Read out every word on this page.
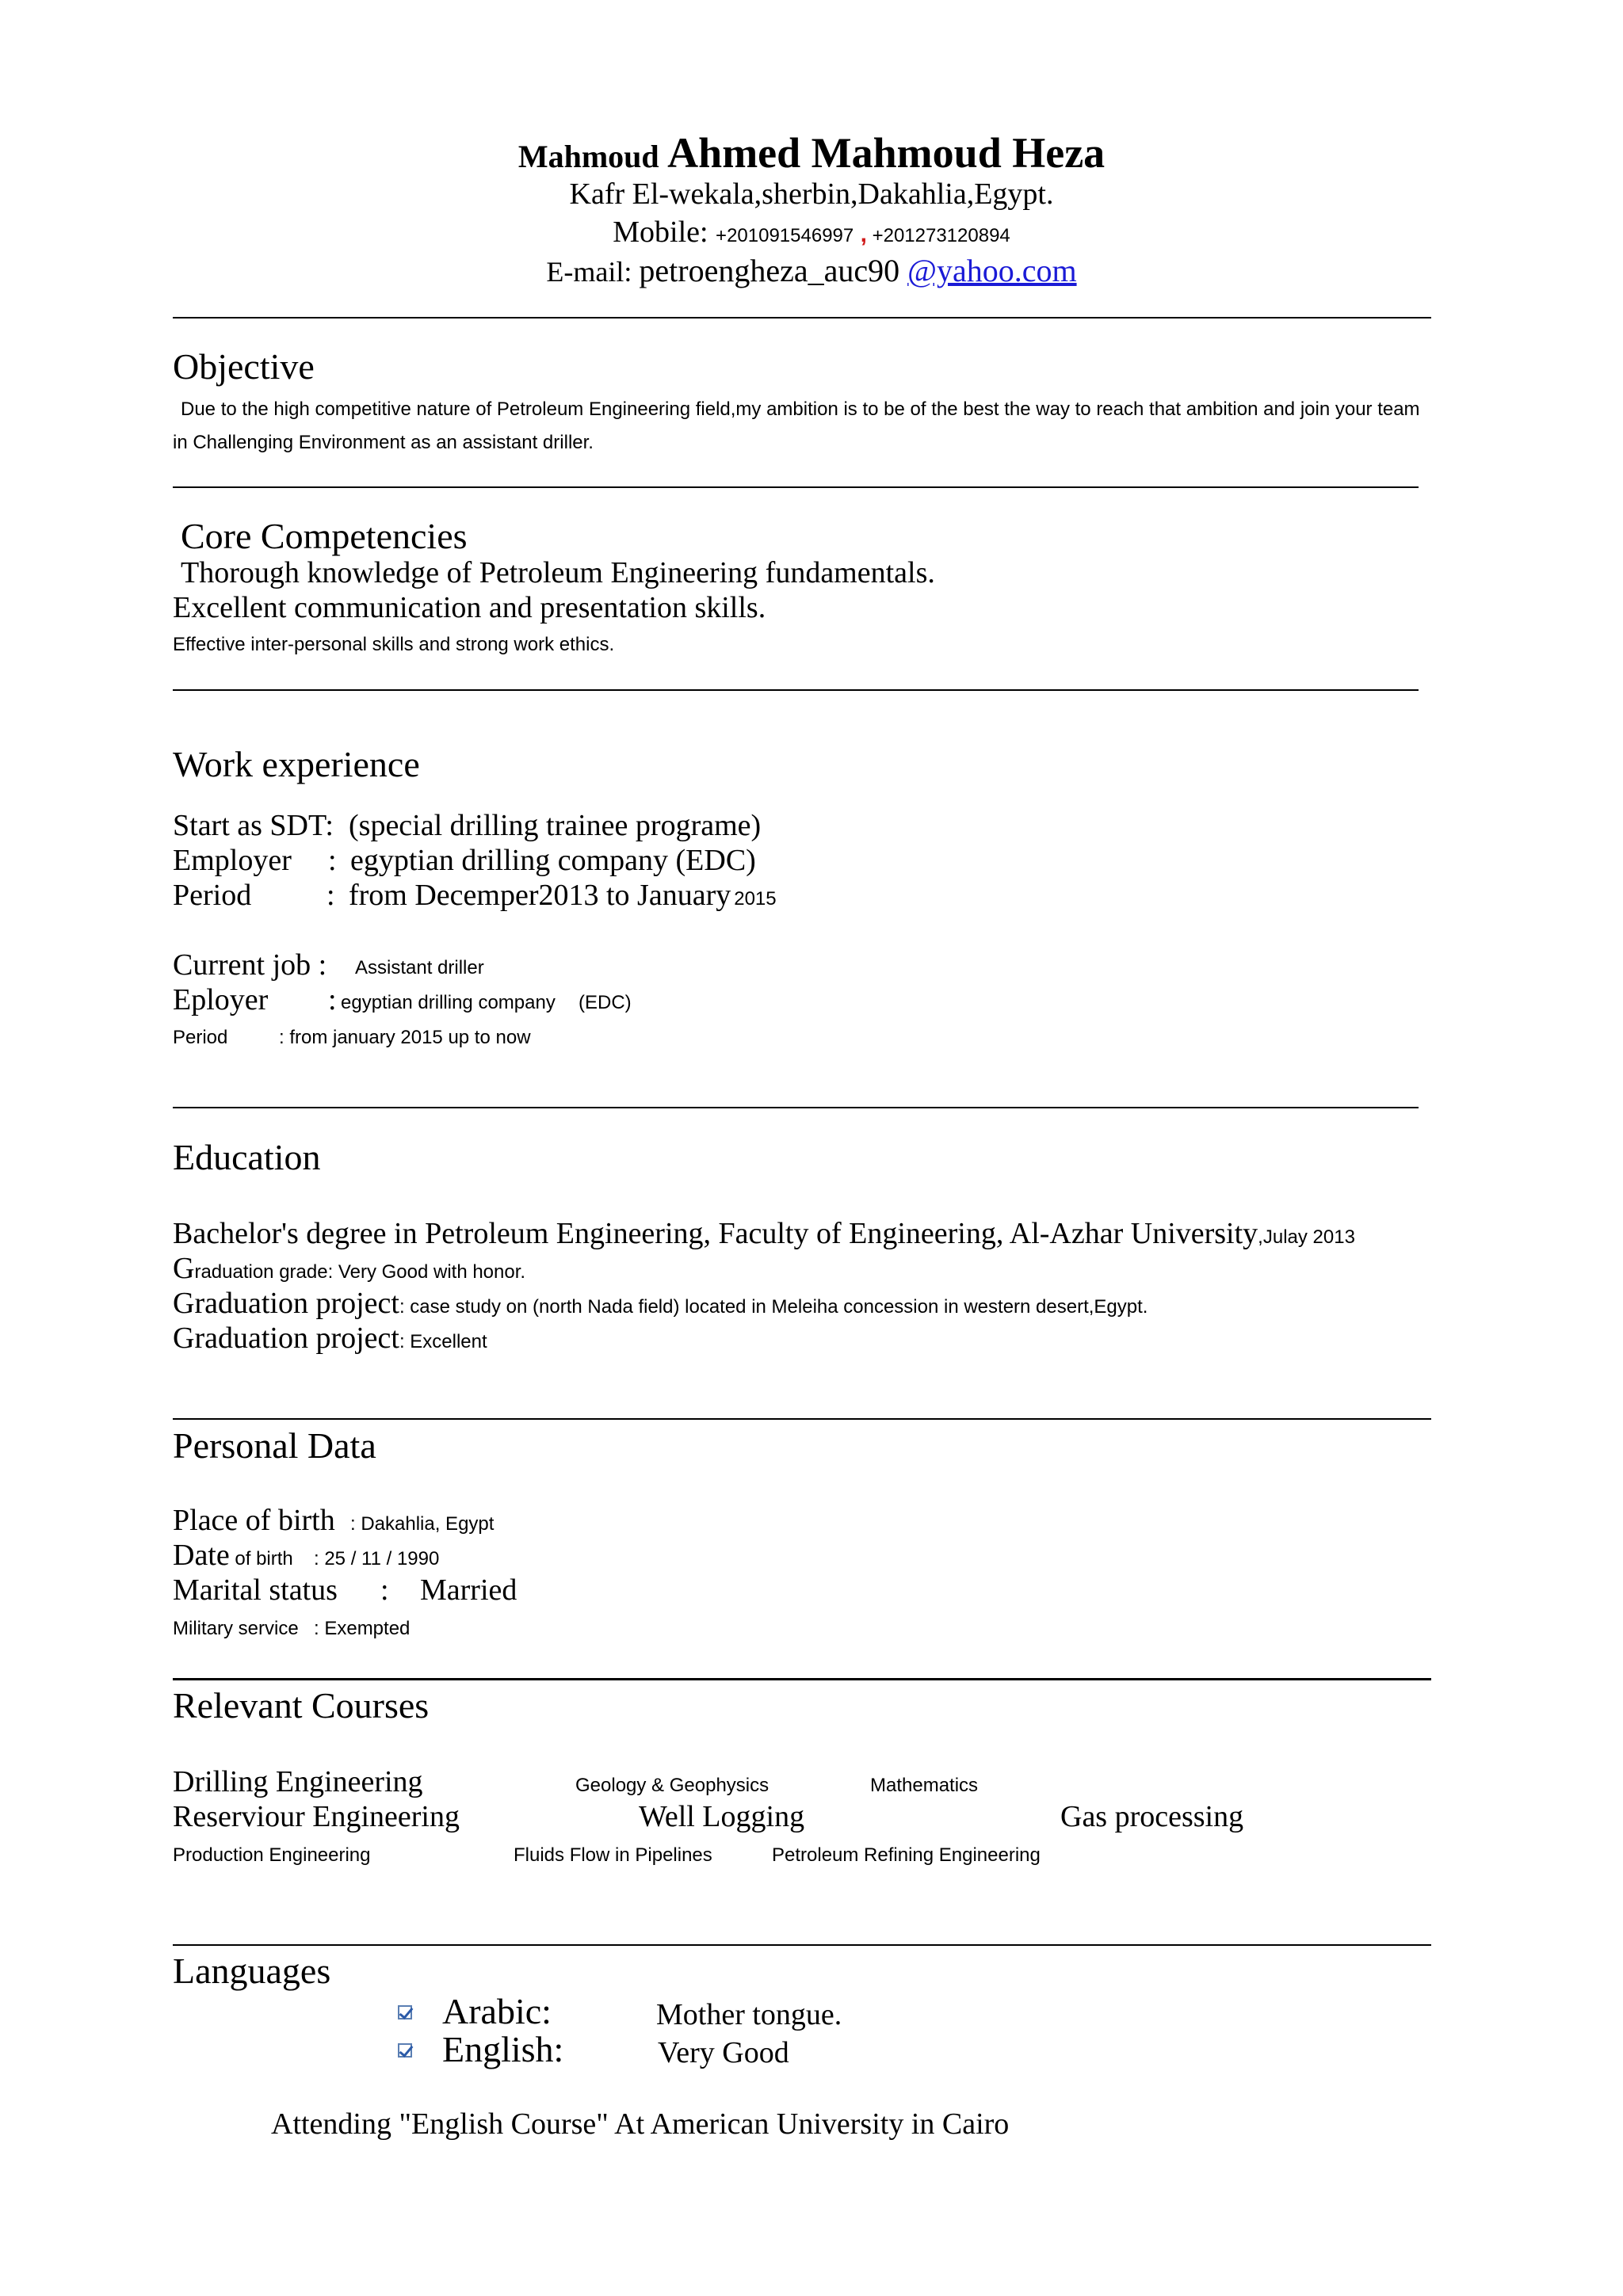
Mahmoud Ahmed Mahmoud Heza
Kafr El-wekala,sherbin,Dakahlia,Egypt.
Mobile: +201091546997 , +201273120894
E-mail: petroengheza_auc90 @yahoo.com
Objective
Due to the high competitive nature of Petroleum Engineering field,my ambition is to be of the best the way to reach that ambition and join your team
in Challenging Environment as an assistant driller.
Core Competencies
Thorough knowledge of Petroleum Engineering fundamentals.
Excellent communication and presentation skills.
Effective inter-personal skills and strong work ethics.
Work experience
Start as SDT: (special drilling trainee programe)
Employer : egyptian drilling company (EDC)
Period : from Decemper2013 to January 2015
Current job : Assistant driller
Eployer : egyptian drilling company (EDC)
Period	: from january 2015 up to now
Education
Bachelor's degree in Petroleum Engineering, Faculty of Engineering, Al-Azhar University,Julay 2013
Graduation grade: Very Good with honor.
Graduation project: case study on (north Nada field) located in Meleiha concession in western desert,Egypt.
Graduation project: Excellent
Personal Data
Place of birth : Dakahlia, Egypt
Date of birth : 25 / 11 / 1990
Marital status : Married
Military service : Exempted
Relevant Courses
Drilling Engineering	Geology & Geophysics	Mathematics
Reserviour Engineering	Well Logging	Gas processing
Production Engineering	Fluids Flow in Pipelines	Petroleum Refining Engineering
Languages
Arabic:	Mother tongue.
English:	Very Good
Attending "English Course" At American University in Cairo
